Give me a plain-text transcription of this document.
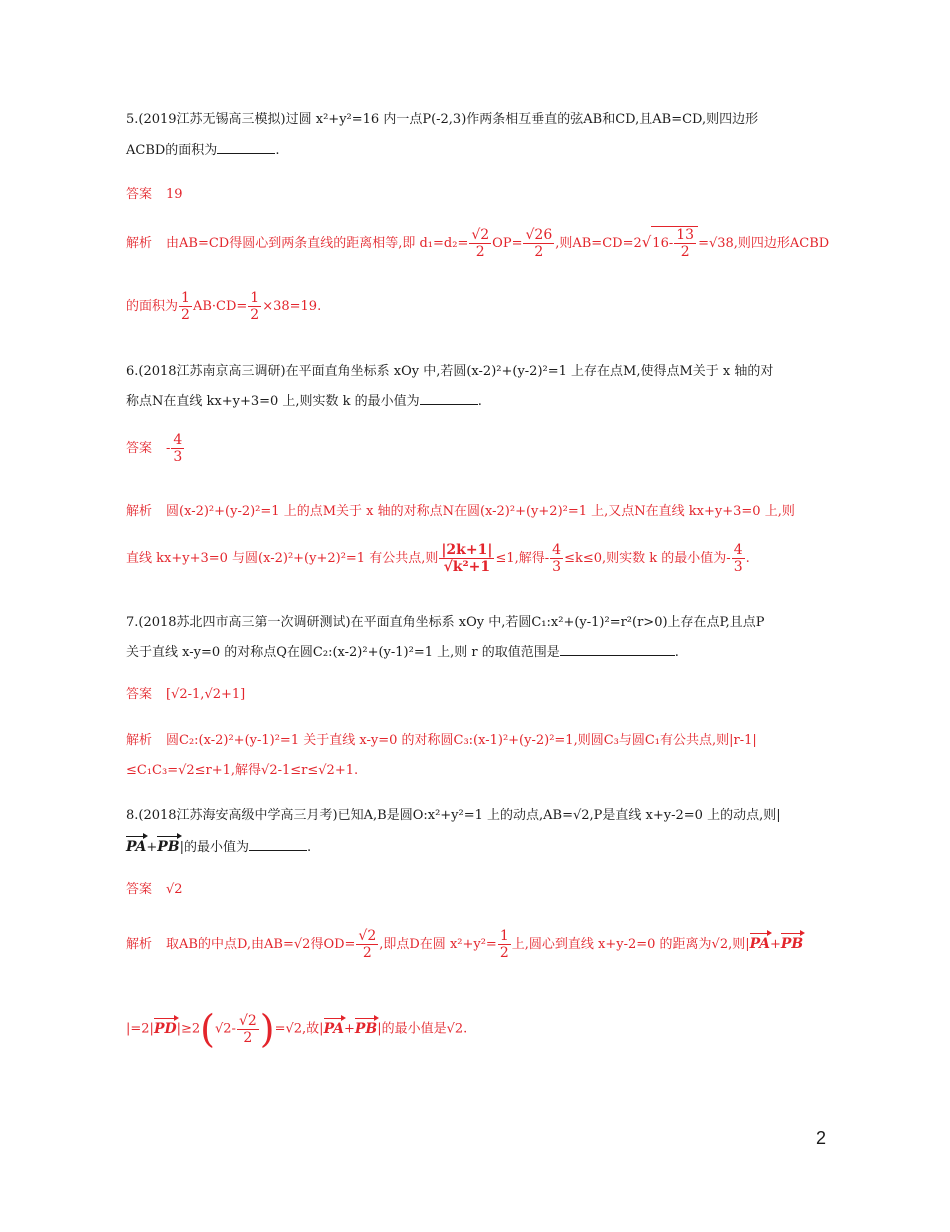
5.(2019江苏无锡高三模拟)过圆 x²+y²=16 内一点P(-2,3)作两条相互垂直的弦AB和CD,且AB=CD,则四边形
ACBD的面积为	.
答案 19
解析 由AB=CD得圆心到两条直线的距离相等,即 $d_1=d_2= \frac{√2}{2} OP= \frac{√26}{2}$ ,则$AB=CD=2√16- \frac{13}{2} =√38$,则四边形ACBD
的面积为 $\frac{1}{2} AB\cdot CD= \frac{1}{2} \times 38=19$.
6.(2018江苏南京高三调研)在平面直角坐标系 xOy 中,若圆(x-2)²+(y-2)²=1 上存在点M,使得点M关于 x 轴的对
称点N在直线 kx+y+3=0 上,则实数 k 的最小值为	.
答案 - $\frac{4}{3}$
解析 圆(x-2)²+(y-2)²=1 上的点M关于 x 轴的对称点N在圆(x-2)²+(y+2)²=1 上,又点N在直线 kx+y+3=0 上,则
直线 kx+y+3=0 与圆(x-2)²+(y+2)²=1 有公共点,则 $\frac{|2k+1|}{\text{√k²+1}} \le 1$,解得- $\frac{4}{3} \le k\le 0$,则实数 k 的最小值为- $\frac{4}{3}$ .
7.(2018苏北四市高三第一次调研测试)在平面直角坐标系 xOy 中,若圆C₁:x²+(y-1)²=r²(r>0)上存在点P,且点P
关于直线 x-y=0 的对称点Q在圆C₂:(x-2)²+(y-1)²=1 上,则 r 的取值范围是	.
答案 [√2-1,√2+1]
解析 圆C₂:(x-2)²+(y-1)²=1 关于直线 x-y=0 的对称圆C₃:(x-1)²+(y-2)²=1,则圆C₃与圆C₁有公共点,则|r-1|
≤C₁C₃=√2≤r+1,解得√2-1≤r≤√2+1.
8.(2018江苏海安高级中学高三月考)已知A,B是圆O:x²+y²=1 上的动点,AB=√2,P是直线 x+y-2=0 上的动点,则|
PA+PB|的最小值为	.
答案 √2
解析 取AB的中点D,由AB=√2得$OD= \frac{√2}{2}$ ,即点D在圆 $x^2+y^2= \frac{1}{2}$ 上,圆心到直线 x+y-2=0 的距离为√2,则|PA+PB
$|=2|PD|\ge 2(√2- \frac{√2}{2} )=√2$,故|PA+PB|的最小值是√2.
2
